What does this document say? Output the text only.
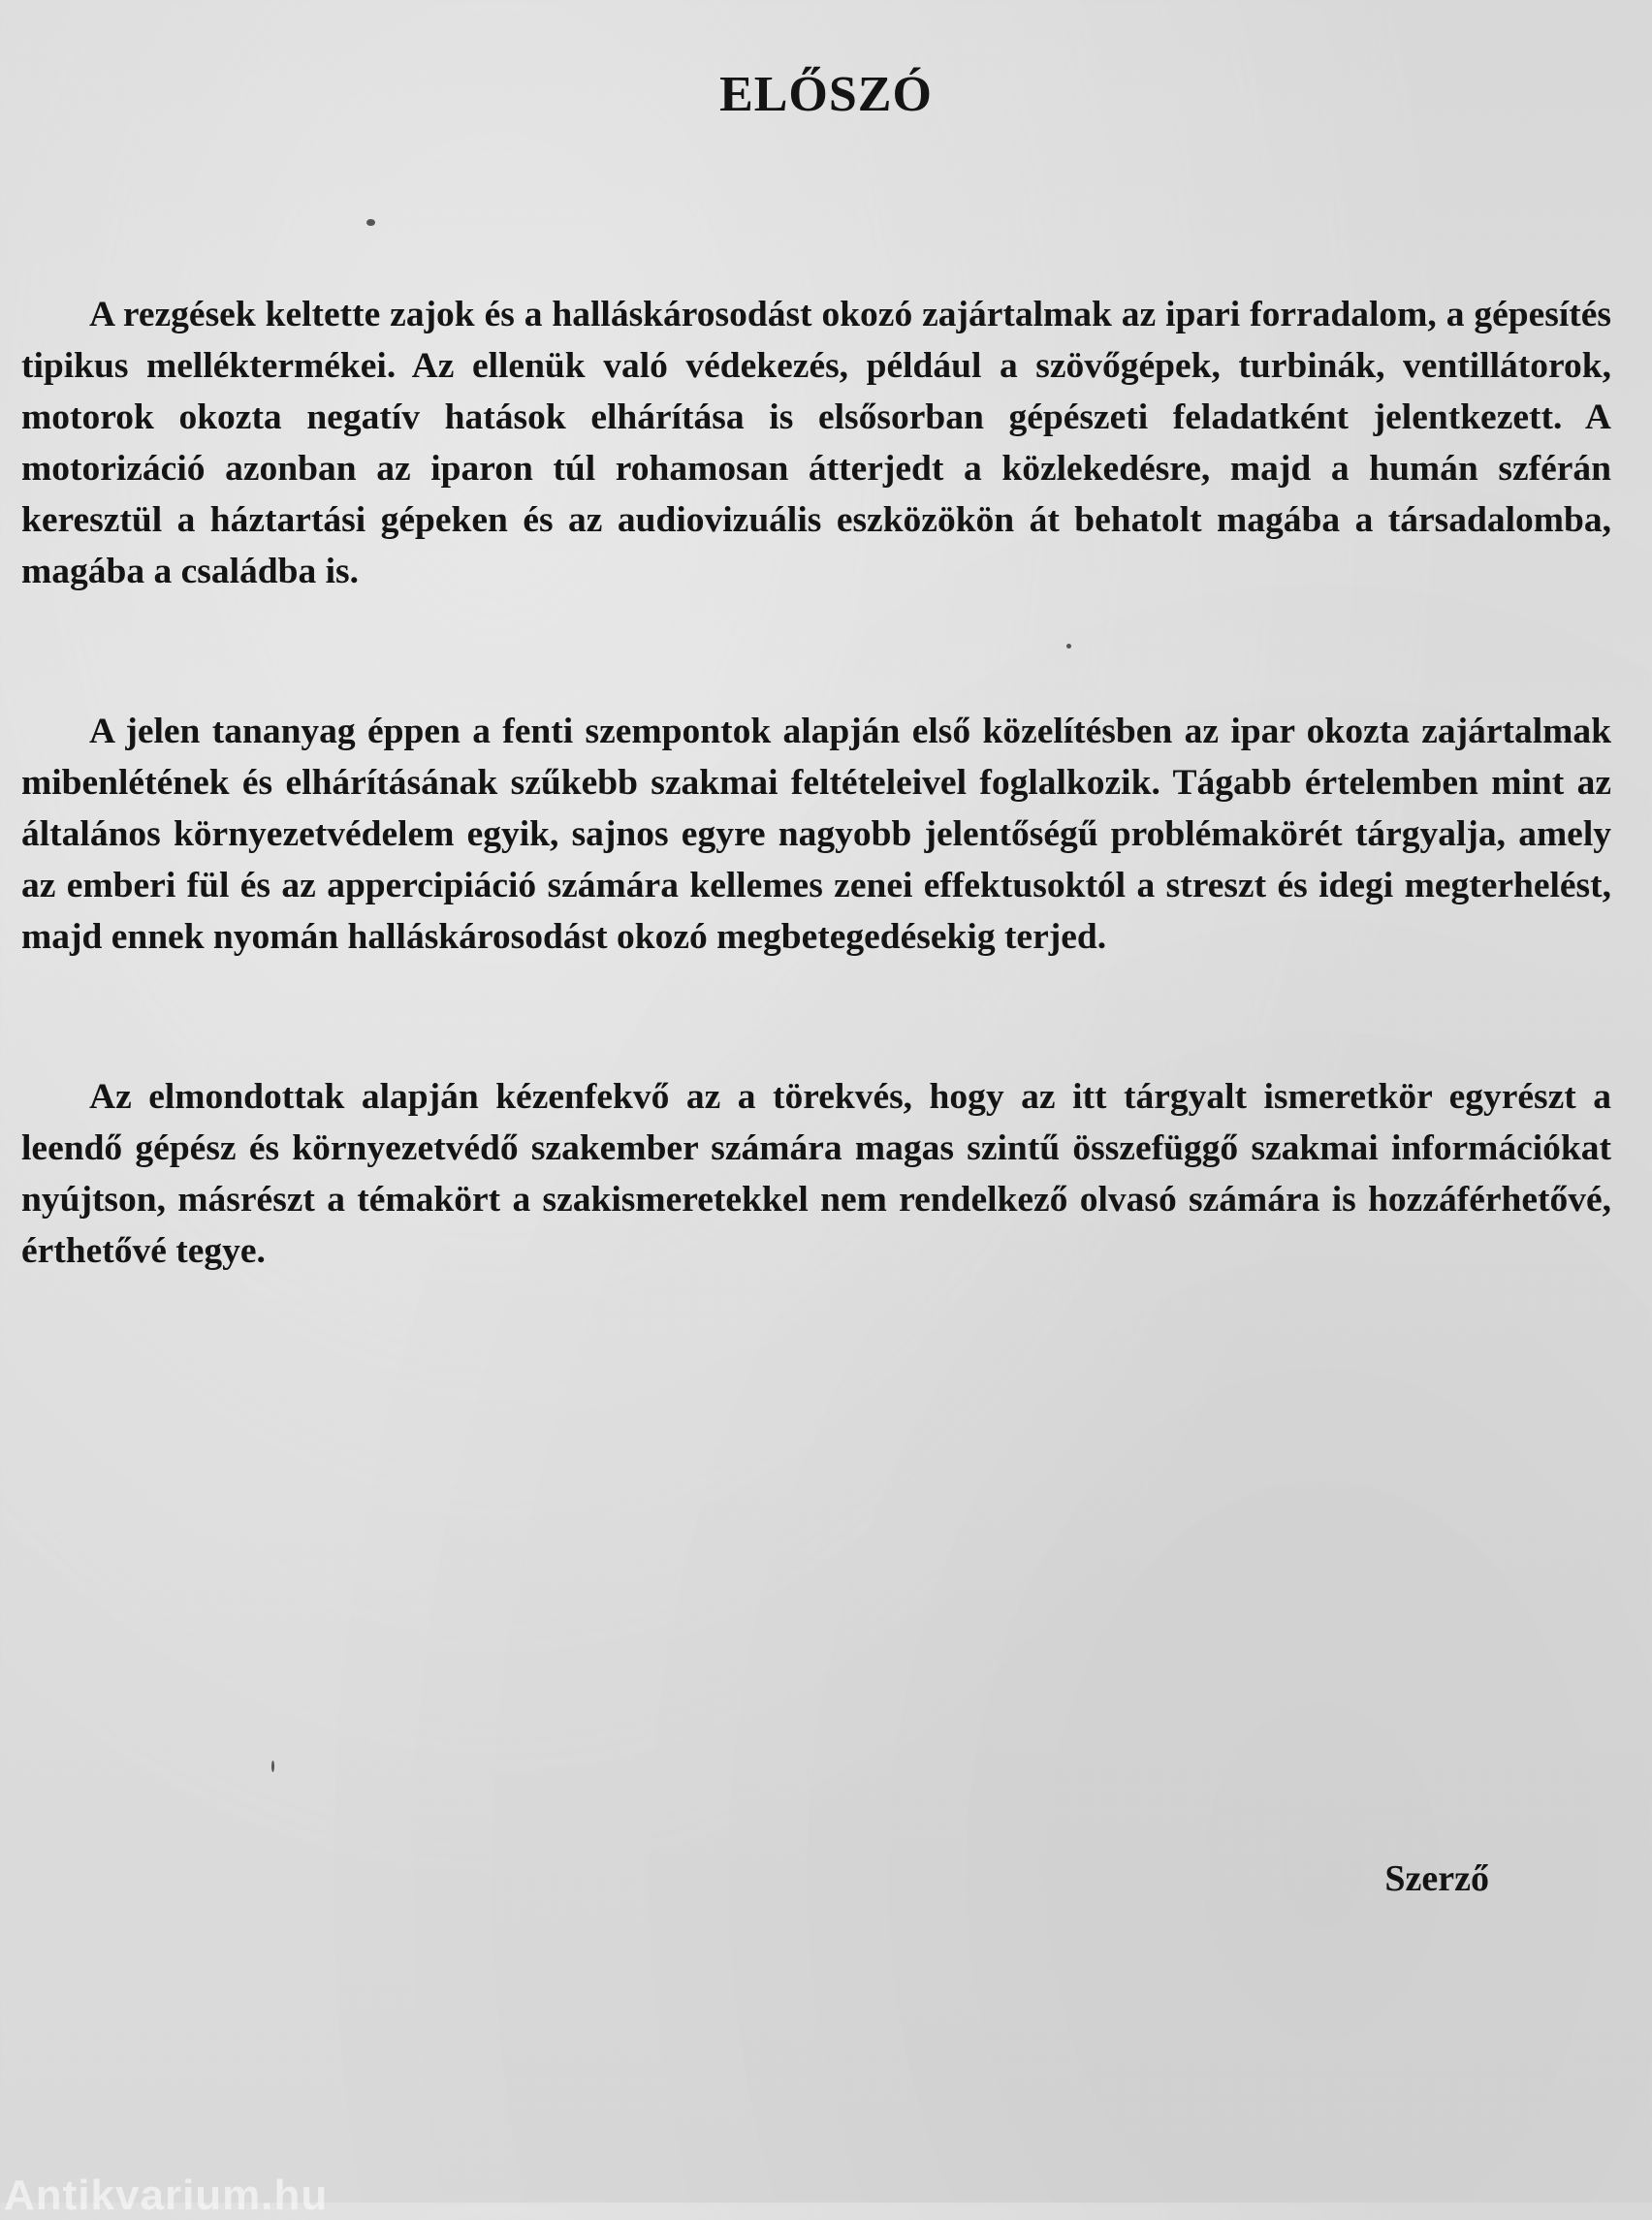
ELŐSZÓ

A rezgések keltette zajok és a halláskárosodást okozó zajártalmak az ipari forradalom, a gépesítés tipikus melléktermékei. Az ellenük való védekezés, például a szövőgépek, turbinák, ventillátorok, motorok okozta negatív hatások elhárítása is elsősorban gépészeti feladatként jelentkezett. A motorizáció azonban az iparon túl rohamosan átterjedt a közlekedésre, majd a humán szférán keresztül a háztartási gépeken és az audiovizuális eszközökön át behatolt magába a társadalomba, magába a családba is.

A jelen tananyag éppen a fenti szempontok alapján első közelítésben az ipar okozta zajártalmak mibenlétének és elhárításának szűkebb szakmai feltételeivel foglalkozik. Tágabb értelemben mint az általános környezetvédelem egyik, sajnos egyre nagyobb jelentőségű problémakörét tárgyalja, amely az emberi fül és az appercipiáció számára kellemes zenei effektusoktól a streszt és idegi megterhelést, majd ennek nyomán halláskárosodást okozó megbetegedésekig terjed.

Az elmondottak alapján kézenfekvő az a törekvés, hogy az itt tárgyalt ismeretkör egyrészt a leendő gépész és környezetvédő szakember számára magas szintű összefüggő szakmai információkat nyújtson, másrészt a témakört a szakismeretekkel nem rendelkező olvasó számára is hozzáférhetővé, érthetővé tegye.

Szerző

Antikvarium.hu
